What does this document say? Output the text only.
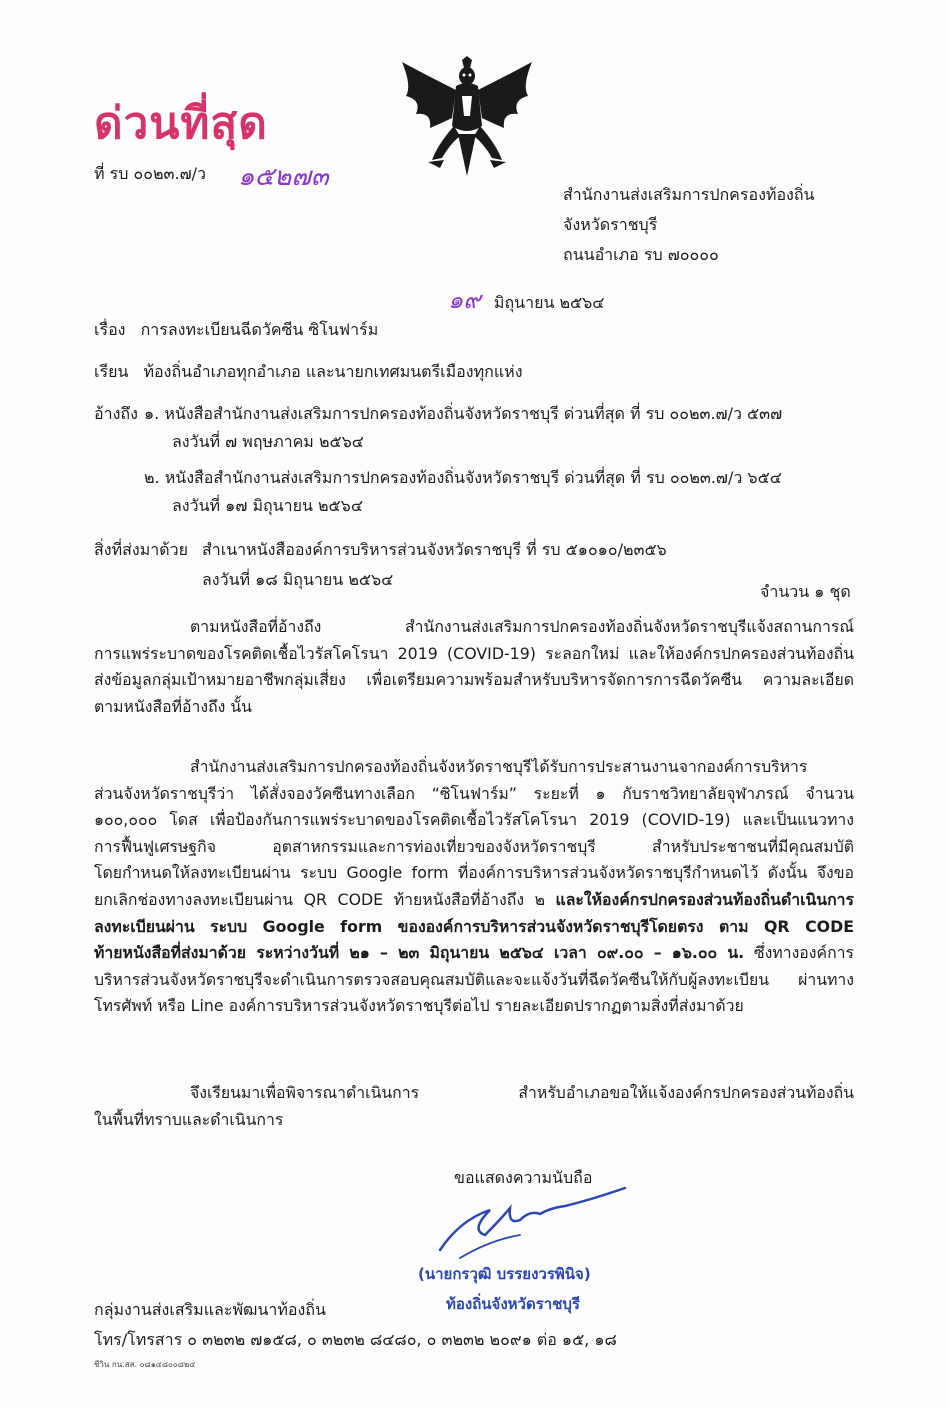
ด่วนที่สุด
ที่ รบ ๐๐๒๓.๗/ว ๑๕๒๗๓
สำนักงานส่งเสริมการปกครองท้องถิ่น
จังหวัดราชบุรี
ถนนอำเภอ รบ ๗๐๐๐๐
๑๙ มิถุนายน ๒๕๖๔
เรื่อง การลงทะเบียนฉีดวัคซีน ซิโนฟาร์ม
เรียน ท้องถิ่นอำเภอทุกอำเภอ และนายกเทศมนตรีเมืองทุกแห่ง
อ้างถึง ๑. หนังสือสำนักงานส่งเสริมการปกครองท้องถิ่นจังหวัดราชบุรี ด่วนที่สุด ที่ รบ ๐๐๒๓.๗/ว ๕๓๗
ลงวันที่ ๗ พฤษภาคม ๒๕๖๔
๒. หนังสือสำนักงานส่งเสริมการปกครองท้องถิ่นจังหวัดราชบุรี ด่วนที่สุด ที่ รบ ๐๐๒๓.๗/ว ๖๕๔
ลงวันที่ ๑๗ มิถุนายน ๒๕๖๔
สิ่งที่ส่งมาด้วย สำเนาหนังสือองค์การบริหารส่วนจังหวัดราชบุรี ที่ รบ ๕๑๐๑๐/๒๓๕๖
ลงวันที่ ๑๘ มิถุนายน ๒๕๖๔
จำนวน ๑ ชุด
ตามหนังสือที่อ้างถึง สำนักงานส่งเสริมการปกครองท้องถิ่นจังหวัดราชบุรีแจ้งสถานการณ์
การแพร่ระบาดของโรคติดเชื้อไวรัสโคโรนา 2019 (COVID-19) ระลอกใหม่ และให้องค์กรปกครองส่วนท้องถิ่น
ส่งข้อมูลกลุ่มเป้าหมายอาชีพกลุ่มเสี่ยง เพื่อเตรียมความพร้อมสำหรับบริหารจัดการการฉีดวัคซีน ความละเอียด
ตามหนังสือที่อ้างถึง นั้น
สำนักงานส่งเสริมการปกครองท้องถิ่นจังหวัดราชบุรีได้รับการประสานงานจากองค์การบริหาร
ส่วนจังหวัดราชบุรีว่า ได้สั่งจองวัคซีนทางเลือก “ซิโนฟาร์ม” ระยะที่ ๑ กับราชวิทยาลัยจุฬาภรณ์ จำนวน
๑๐๐,๐๐๐ โดส เพื่อป้องกันการแพร่ระบาดของโรคติดเชื้อไวรัสโคโรนา 2019 (COVID-19) และเป็นแนวทาง
การฟื้นฟูเศรษฐกิจ อุตสาหกรรมและการท่องเที่ยวของจังหวัดราชบุรี สำหรับประชาชนที่มีคุณสมบัติ
โดยกำหนดให้ลงทะเบียนผ่าน ระบบ Google form ที่องค์การบริหารส่วนจังหวัดราชบุรีกำหนดไว้ ดังนั้น จึงขอ
ยกเลิกช่องทางลงทะเบียนผ่าน QR CODE ท้ายหนังสือที่อ้างถึง ๒ และให้องค์กรปกครองส่วนท้องถิ่นดำเนินการ
ลงทะเบียนผ่าน ระบบ Google form ขององค์การบริหารส่วนจังหวัดราชบุรีโดยตรง ตาม QR CODE
ท้ายหนังสือที่ส่งมาด้วย ระหว่างวันที่ ๒๑ – ๒๓ มิถุนายน ๒๕๖๔ เวลา ๐๙.๐๐ – ๑๖.๐๐ น. ซึ่งทางองค์การ
บริหารส่วนจังหวัดราชบุรีจะดำเนินการตรวจสอบคุณสมบัติและจะแจ้งวันที่ฉีดวัคซีนให้กับผู้ลงทะเบียน ผ่านทาง
โทรศัพท์ หรือ Line องค์การบริหารส่วนจังหวัดราชบุรีต่อไป รายละเอียดปรากฏตามสิ่งที่ส่งมาด้วย
จึงเรียนมาเพื่อพิจารณาดำเนินการ สำหรับอำเภอขอให้แจ้งองค์กรปกครองส่วนท้องถิ่น
ในพื้นที่ทราบและดำเนินการ
ขอแสดงความนับถือ
(นายกรวุฒิ บรรยงวรพินิจ)
ท้องถิ่นจังหวัดราชบุรี
กลุ่มงานส่งเสริมและพัฒนาท้องถิ่น
โทร/โทรสาร ๐ ๓๒๓๒ ๗๑๕๘, ๐ ๓๒๓๒ ๘๔๘๐, ๐ ๓๒๓๒ ๒๐๙๑ ต่อ ๑๕, ๑๘
ชีวิน กน.สส. ๐๘๑๔๘๐๐๘๒๔
